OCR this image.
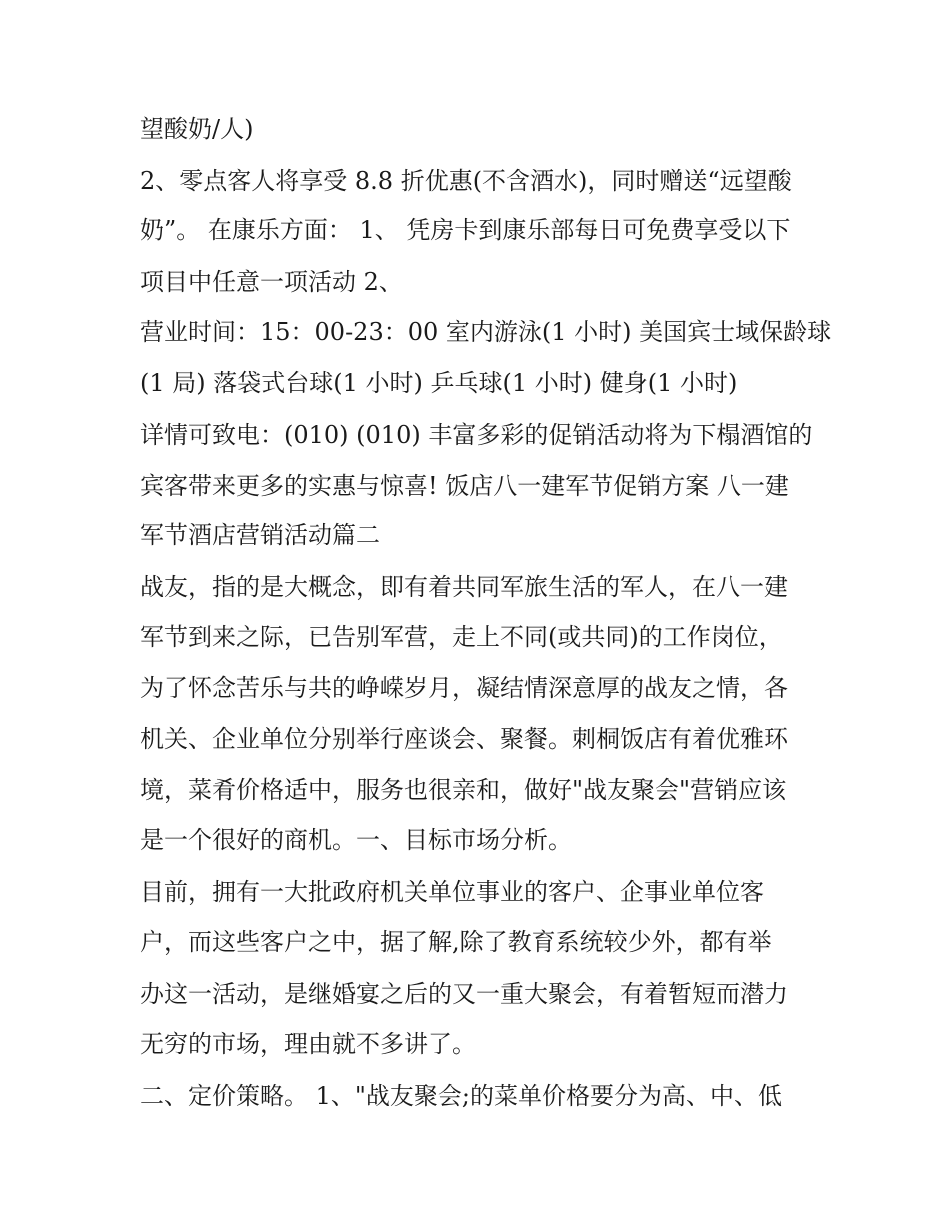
望酸奶/人)
2、零点客人将享受 8.8 折优惠(不含酒水)，同时赠送“远望酸
奶”。 在康乐方面： 1、 凭房卡到康乐部每日可免费享受以下
项目中任意一项活动 2、
营业时间：15：00-23：00 室内游泳(1 小时) 美国宾士域保龄球
(1 局) 落袋式台球(1 小时) 乒乓球(1 小时) 健身(1 小时)
详情可致电：(010) (010) 丰富多彩的促销活动将为下榻酒馆的
宾客带来更多的实惠与惊喜! 饭店八一建军节促销方案 八一建
军节酒店营销活动篇二
战友，指的是大概念，即有着共同军旅生活的军人，在八一建
军节到来之际，已告别军营，走上不同(或共同)的工作岗位，
为了怀念苦乐与共的峥嵘岁月，凝结情深意厚的战友之情，各
机关、企业单位分别举行座谈会、聚餐。刺桐饭店有着优雅环
境，菜肴价格适中，服务也很亲和，做好"战友聚会"营销应该
是一个很好的商机。一、目标市场分析。
目前，拥有一大批政府机关单位事业的客户、企事业单位客
户，而这些客户之中，据了解,除了教育系统较少外，都有举
办这一活动，是继婚宴之后的又一重大聚会，有着暂短而潜力
无穷的市场，理由就不多讲了。
二、定价策略。 1、"战友聚会;的菜单价格要分为高、中、低
